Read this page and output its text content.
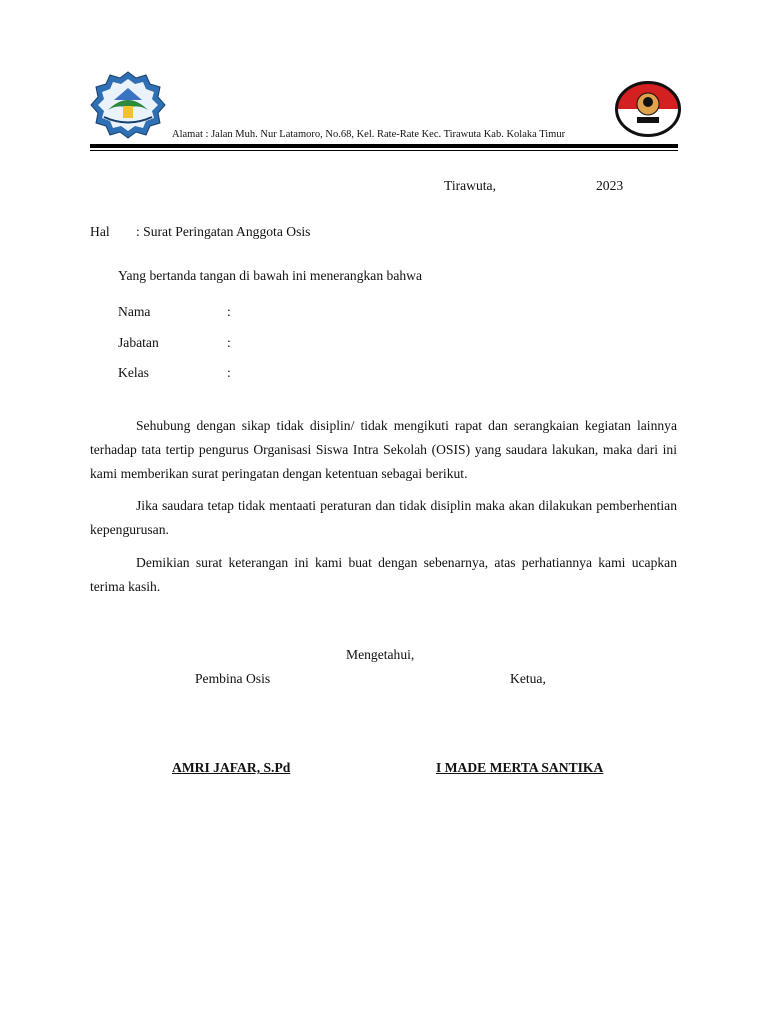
Alamat : Jalan Muh. Nur Latamoro, No.68, Kel. Rate-Rate Kec. Tirawuta Kab. Kolaka Timur
Tirawuta,	2023
Hal : Surat Peringatan Anggota Osis
Yang bertanda tangan di bawah ini menerangkan bahwa
Nama	:
Jabatan	:
Kelas	:

Sehubung dengan sikap tidak disiplin/ tidak mengikuti rapat dan serangkaian kegiatan lainnya terhadap tata tertip pengurus Organisasi Siswa Intra Sekolah (OSIS) yang saudara lakukan, maka dari ini kami memberikan surat peringatan dengan ketentuan sebagai berikut.

Jika saudara tetap tidak mentaati peraturan dan tidak disiplin maka akan dilakukan pemberhentian kepengurusan.

Demikian surat keterangan ini kami buat dengan sebenarnya, atas perhatiannya kami ucapkan terima kasih.

Mengetahui,
Pembina Osis	Ketua,
AMRI JAFAR, S.Pd	I MADE MERTA SANTIKA
